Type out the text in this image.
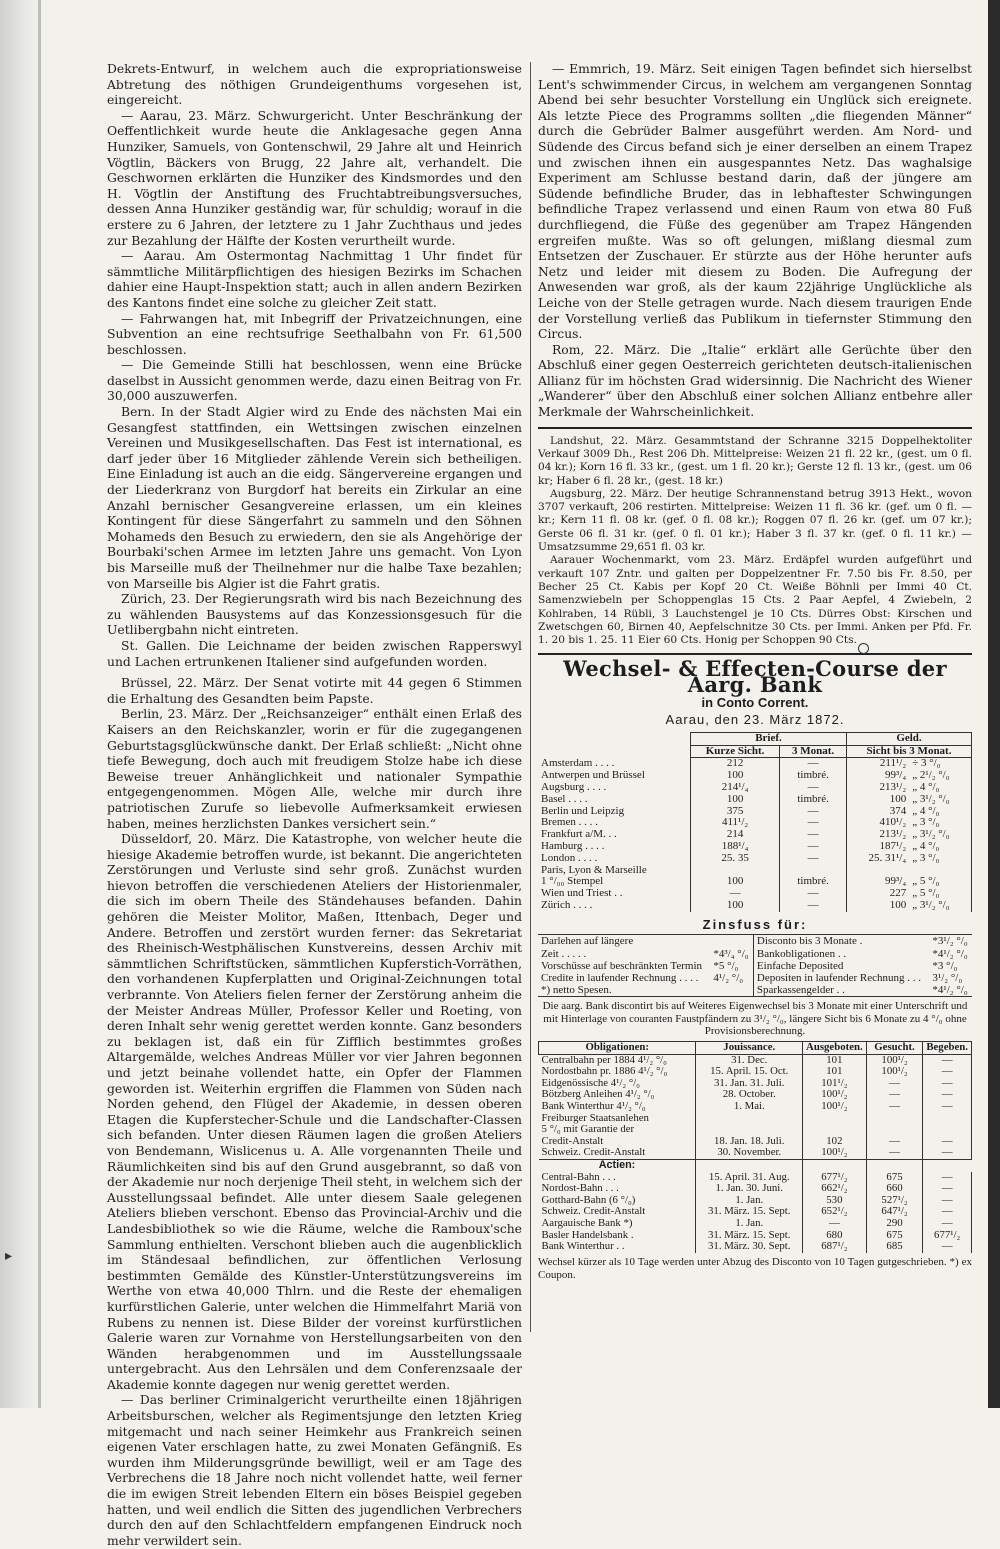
▸

Dekrets-Entwurf, in welchem auch die expropriationsweise Abtretung des nöthigen Grundeigenthums vorgesehen ist, eingereicht.

— Aarau, 23. März. Schwurgericht. Unter Beschränkung der Oeffentlichkeit wurde heute die Anklagesache gegen Anna Hunziker, Samuels, von Gontenschwil, 29 Jahre alt und Heinrich Vögtlin, Bäckers von Brugg, 22 Jahre alt, verhandelt. Die Geschwornen erklärten die Hunziker des Kindsmordes und den H. Vögtlin der Anstiftung des Fruchtabtreibungsversuches, dessen Anna Hunziker geständig war, für schuldig; worauf in die erstere zu 6 Jahren, der letztere zu 1 Jahr Zuchthaus und jedes zur Bezahlung der Hälfte der Kosten verurtheilt wurde.

— Aarau. Am Ostermontag Nachmittag 1 Uhr findet für sämmtliche Militärpflichtigen des hiesigen Bezirks im Schachen dahier eine Haupt-Inspektion statt; auch in allen andern Bezirken des Kantons findet eine solche zu gleicher Zeit statt.

— Fahrwangen hat, mit Inbegriff der Privatzeichnungen, eine Subvention an eine rechtsufrige Seethalbahn von Fr. 61,500 beschlossen.

— Die Gemeinde Stilli hat beschlossen, wenn eine Brücke daselbst in Aussicht genommen werde, dazu einen Beitrag von Fr. 30,000 auszuwerfen.

Bern. In der Stadt Algier wird zu Ende des nächsten Mai ein Gesangfest stattfinden, ein Wettsingen zwischen einzelnen Vereinen und Musikgesellschaften. Das Fest ist international, es darf jeder über 16 Mitglieder zählende Verein sich betheiligen. Eine Einladung ist auch an die eidg. Sängervereine ergangen und der Liederkranz von Burgdorf hat bereits ein Zirkular an eine Anzahl bernischer Gesangvereine erlassen, um ein kleines Kontingent für diese Sängerfahrt zu sammeln und den Söhnen Mohameds den Besuch zu erwiedern, den sie als Angehörige der Bourbaki'schen Armee im letzten Jahre uns gemacht. Von Lyon bis Marseille muß der Theilnehmer nur die halbe Taxe bezahlen; von Marseille bis Algier ist die Fahrt gratis.

Zürich, 23. Der Regierungsrath wird bis nach Bezeichnung des zu wählenden Bausystems auf das Konzessionsgesuch für die Uetlibergbahn nicht eintreten.

St. Gallen. Die Leichname der beiden zwischen Rapperswyl und Lachen ertrunkenen Italiener sind aufgefunden worden.

Brüssel, 22. März. Der Senat votirte mit 44 gegen 6 Stimmen die Erhaltung des Gesandten beim Papste.

Berlin, 23. März. Der „Reichsanzeiger“ enthält einen Erlaß des Kaisers an den Reichskanzler, worin er für die zugegangenen Geburtstagsglückwünsche dankt. Der Erlaß schließt: „Nicht ohne tiefe Bewegung, doch auch mit freudigem Stolze habe ich diese Beweise treuer Anhänglichkeit und nationaler Sympathie entgegengenommen. Mögen Alle, welche mir durch ihre patriotischen Zurufe so liebevolle Aufmerksamkeit erwiesen haben, meines herzlichsten Dankes versichert sein.“

Düsseldorf, 20. März. Die Katastrophe, von welcher heute die hiesige Akademie betroffen wurde, ist bekannt. Die angerichteten Zerstörungen und Verluste sind sehr groß. Zunächst wurden hievon betroffen die verschiedenen Ateliers der Historienmaler, die sich im obern Theile des Ständehauses befanden. Dahin gehören die Meister Molitor, Maßen, Ittenbach, Deger und Andere. Betroffen und zerstört wurden ferner: das Sekretariat des Rheinisch-Westphälischen Kunstvereins, dessen Archiv mit sämmtlichen Schriftstücken, sämmtlichen Kupferstich-Vorräthen, den vorhandenen Kupferplatten und Original-Zeichnungen total verbrannte. Von Ateliers fielen ferner der Zerstörung anheim die der Meister Andreas Müller, Professor Keller und Roeting, von deren Inhalt sehr wenig gerettet werden konnte. Ganz besonders zu beklagen ist, daß ein für Zifflich bestimmtes großes Altargemälde, welches Andreas Müller vor vier Jahren begonnen und jetzt beinahe vollendet hatte, ein Opfer der Flammen geworden ist. Weiterhin ergriffen die Flammen von Süden nach Norden gehend, den Flügel der Akademie, in dessen oberen Etagen die Kupferstecher-Schule und die Landschafter-Classen sich befanden. Unter diesen Räumen lagen die großen Ateliers von Bendemann, Wislicenus u. A. Alle vorgenannten Theile und Räumlichkeiten sind bis auf den Grund ausgebrannt, so daß von der Akademie nur noch derjenige Theil steht, in welchem sich der Ausstellungssaal befindet. Alle unter diesem Saale gelegenen Ateliers blieben verschont. Ebenso das Provincial-Archiv und die Landesbibliothek so wie die Räume, welche die Ramboux'sche Sammlung enthielten. Verschont blieben auch die augenblicklich im Ständesaal befindlichen, zur öffentlichen Verlosung bestimmten Gemälde des Künstler-Unterstützungsvereins im Werthe von etwa 40,000 Thlrn. und die Reste der ehemaligen kurfürstlichen Galerie, unter welchen die Himmelfahrt Mariä von Rubens zu nennen ist. Diese Bilder der voreinst kurfürstlichen Galerie waren zur Vornahme von Herstellungsarbeiten von den Wänden herabgenommen und im Ausstellungssaale untergebracht. Aus den Lehrsälen und dem Conferenzsaale der Akademie konnte dagegen nur wenig gerettet werden.

— Das berliner Criminalgericht verurtheilte einen 18jährigen Arbeitsburschen, welcher als Regimentsjunge den letzten Krieg mitgemacht und nach seiner Heimkehr aus Frankreich seinen eigenen Vater erschlagen hatte, zu zwei Monaten Gefängniß. Es wurden ihm Milderungsgründe bewilligt, weil er am Tage des Verbrechens die 18 Jahre noch nicht vollendet hatte, weil ferner die im ewigen Streit lebenden Eltern ein böses Beispiel gegeben hatten, und weil endlich die Sitten des jugendlichen Verbrechers durch den auf den Schlachtfeldern empfangenen Eindruck noch mehr verwildert sein.

— Emmrich, 19. März. Seit einigen Tagen befindet sich hierselbst Lent's schwimmender Circus, in welchem am vergangenen Sonntag Abend bei sehr besuchter Vorstellung ein Unglück sich ereignete. Als letzte Piece des Programms sollten „die fliegenden Männer“ durch die Gebrüder Balmer ausgeführt werden. Am Nord- und Südende des Circus befand sich je einer derselben an einem Trapez und zwischen ihnen ein ausgespanntes Netz. Das waghalsige Experiment am Schlusse bestand darin, daß der jüngere am Südende befindliche Bruder, das in lebhaftester Schwingungen befindliche Trapez verlassend und einen Raum von etwa 80 Fuß durchfliegend, die Füße des gegenüber am Trapez Hängenden ergreifen mußte. Was so oft gelungen, mißlang diesmal zum Entsetzen der Zuschauer. Er stürzte aus der Höhe herunter aufs Netz und leider mit diesem zu Boden. Die Aufregung der Anwesenden war groß, als der kaum 22jährige Unglückliche als Leiche von der Stelle getragen wurde. Nach diesem traurigen Ende der Vorstellung verließ das Publikum in tiefernster Stimmung den Circus.

Rom, 22. März. Die „Italie“ erklärt alle Gerüchte über den Abschluß einer gegen Oesterreich gerichteten deutsch-italienischen Allianz für im höchsten Grad widersinnig. Die Nachricht des Wiener „Wanderer“ über den Abschluß einer solchen Allianz entbehre aller Merkmale der Wahrscheinlichkeit.

Landshut, 22. März. Gesammtstand der Schranne 3215 Doppelhektoliter Verkauf 3009 Dh., Rest 206 Dh. Mittelpreise: Weizen 21 fl. 22 kr., (gest. um 0 fl. 04 kr.); Korn 16 fl. 33 kr., (gest. um 1 fl. 20 kr.); Gerste 12 fl. 13 kr., (gest. um 06 kr; Haber 6 fl. 28 kr., (gest. 18 kr.)

Augsburg, 22. März. Der heutige Schrannenstand betrug 3913 Hekt., wovon 3707 verkauft, 206 restirten. Mittelpreise: Weizen 11 fl. 36 kr. (gef. um 0 fl. — kr.; Kern 11 fl. 08 kr. (gef. 0 fl. 08 kr.); Roggen 07 fl. 26 kr. (gef. um 07 kr.); Gerste 06 fl. 31 kr. (gef. 0 fl. 01 kr.); Haber 3 fl. 37 kr. (gef. 0 fl. 11 kr.) — Umsatzsumme 29,651 fl. 03 kr.

Aarauer Wochenmarkt, vom 23. März. Erdäpfel wurden aufgeführt und verkauft 107 Zntr. und galten per Doppelzentner Fr. 7.50 bis Fr. 8.50, per Becher 25 Ct. Kabis per Kopf 20 Ct. Weiße Böhnli per Immi 40 Ct. Samenzwiebeln per Schoppenglas 15 Cts. 2 Paar Aepfel, 4 Zwiebeln, 2 Kohlraben, 14 Rübli, 3 Lauchstengel je 10 Cts. Dürres Obst: Kirschen und Zwetschgen 60, Birnen 40, Aepfelschnitze 30 Cts. per Immi. Anken per Pfd. Fr. 1. 20 bis 1. 25. 11 Eier 60 Cts. Honig per Schoppen 90 Cts.

Wechsel- & Effecten-Course der Aarg. Bank
in Conto Corrent.
Aarau, den 23. März 1872.
	Brief.		Geld.	
	Kurze Sicht.	3 Monat.	Sicht bis 3 Monat.	
Amsterdam . . . .	212	—	211¹/₂	÷ 3 °/₀
Antwerpen und Brüssel	100	timbré.	99³/₄	„ 2¹/₂ °/₀
Augsburg . . . .	214¹/₄	—	213¹/₂	„ 4 °/₀
Basel . . . .	100	timbré.	100	„ 3¹/₂ °/₀
Berlin und Leipzig	375	—	374	„ 4 °/₀
Bremen . . . .	411¹/₂	—	410¹/₂	„ 3 °/₀
Frankfurt a/M. . .	214	—	213¹/₂	„ 3¹/₂ °/₀
Hamburg . . . .	188¹/₄	—	187¹/₂	„ 4 °/₀
London . . . .	25. 35	—	25. 31¹/₄	„ 3 °/₀
Paris, Lyon & Marseille				
1 °/₀₀ Stempel	100	timbré.	99³/₄	„ 5 °/₀
Wien und Triest . .	—	—	227	„ 5 °/₀
Zürich . . . .	100	—	100	„ 3¹/₂ °/₀
Zinsfuss für:
Darlehen auf längere		Disconto bis 3 Monate .	*3¹/₂ °/₀
Zeit . . . . .	*4³/₄ °/₀	Bankobligationen . .	*4¹/₂ °/₀
Vorschüsse auf beschränkten Termin	*5 °/₀	Einfache Deposited	*3 °/₀
Credite in laufender Rechnung . . . .	4¹/₂ °/₀	Depositen in laufender Rechnung . . .	3¹/₂ °/₀
*) netto Spesen.		Sparkassengelder . .	*4¹/₂ °/₀
Die aarg. Bank discontirt bis auf Weiteres Eigenwechsel bis 3 Monate mit einer Unterschrift und mit Hinterlage von couranten Faustpfändern zu 3¹/₂ °/₀, längere Sicht bis 6 Monate zu 4 °/₀ ohne Provisionsberechnung.
Obligationen:	Jouissance.	Ausgeboten.	Gesucht.	Begeben.
Centralbahn per 1884 4¹/₂ °/₀	31. Dec.	101	100¹/₂	—
Nordostbahn pr. 1886 4¹/₂ °/₀	15. April. 15. Oct.	101	100¹/₂	—
Eidgenössische 4¹/₂ °/₀	31. Jan. 31. Juli.	101¹/₂	—	—
Bötzberg Anleihen 4¹/₂ °/₀	28. October.	100¹/₂	—	—
Bank Winterthur 4¹/₂ °/₀	1. Mai.	100¹/₂	—	—
Freiburger Staatsanlehen				
5 °/₀ mit Garantie der				
Credit-Anstalt	18. Jan. 18. Juli.	102	—	—
Schweiz. Credit-Anstalt	30. November.	100¹/₂	—	—
Actien:				
Central-Bahn . . .	15. April. 31. Aug.	677¹/₂	675	—
Nordost-Bahn . . .	1. Jan. 30. Juni.	662¹/₂	660	—
Gotthard-Bahn (6 °/₀)	1. Jan.	530	527¹/₂	—
Schweiz. Credit-Anstalt	31. März. 15. Sept.	652¹/₂	647¹/₂	—
Aargauische Bank *)	1. Jan.	—	290	—
Basler Handelsbank .	31. März. 15. Sept.	680	675	677¹/₂
Bank Winterthur . .	31. März. 30. Sept.	687¹/₂	685	—
Wechsel kürzer als 10 Tage werden unter Abzug des Disconto von 10 Tagen gutgeschrieben. *) ex Coupon.
